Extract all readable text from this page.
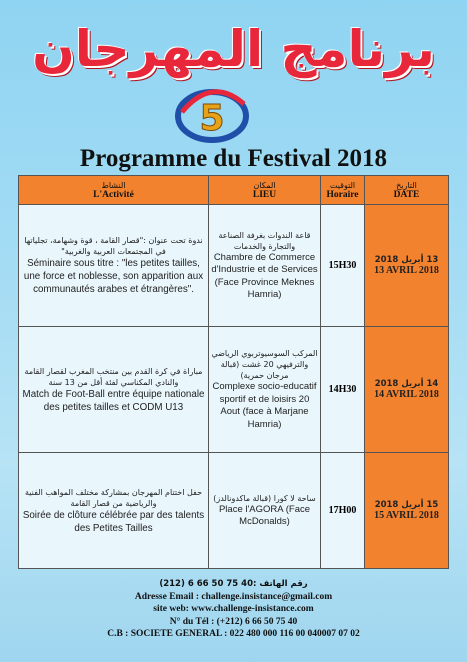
برنامج المهرجان
5
Programme du Festival 2018
النشاط
L'Activité	المكان
LIEU	التوقيت
Horaire	التاريخ
DATE

ندوة تحت عنوان :"قصار القامة ، قوة وشهامة، تجلياتها في المجتمعات العربية والغربية"
Séminaire sous titre : "les petites tailles, une force et noblesse, son apparition aux communautés arabes et étrangères".	قاعة الندوات بغرفة الصناعة والتجارة والخدمات
Chambre de Commerce d'Industrie et de Services (Face Province Meknes Hamria)	15H30	13 أبريل 2018
13 AVRIL 2018

مباراة في كرة القدم بين منتخب المغرب لقصار القامة والنادي المكناسي لفئة أقل من 13 سنة
Match de Foot-Ball entre équipe nationale des petites tailles et CODM U13	المركب السوسيوتربوي الرياضي والترفيهي 20 غشت (قبالة مرجان حمرية)
Complexe socio-educatif sportif et de loisirs 20 Aout (face à Marjane Hamria)	14H30	14 أبريل 2018
14 AVRIL 2018

حفل اختتام المهرجان بمشاركة مختلف المواهب الفنية والرياضية من قصار القامة
Soirée de clôture célébrée par des talents des Petites Tailles	ساحة لا كورا (قبالة ماكدونالدز)
Place l'AGORA (Face McDonalds)	17H00	15 أبريل 2018
15 AVRIL 2018
رقم الهاتف :40 75 50 66 6 (212)
Adresse Email : challenge.insistance@gmail.com
site web: www.challenge-insistance.com
N° du Tél : (+212) 6 66 50 75 40
C.B : SOCIETE GENERAL : 022 480 000 116 00 040007 07 02
